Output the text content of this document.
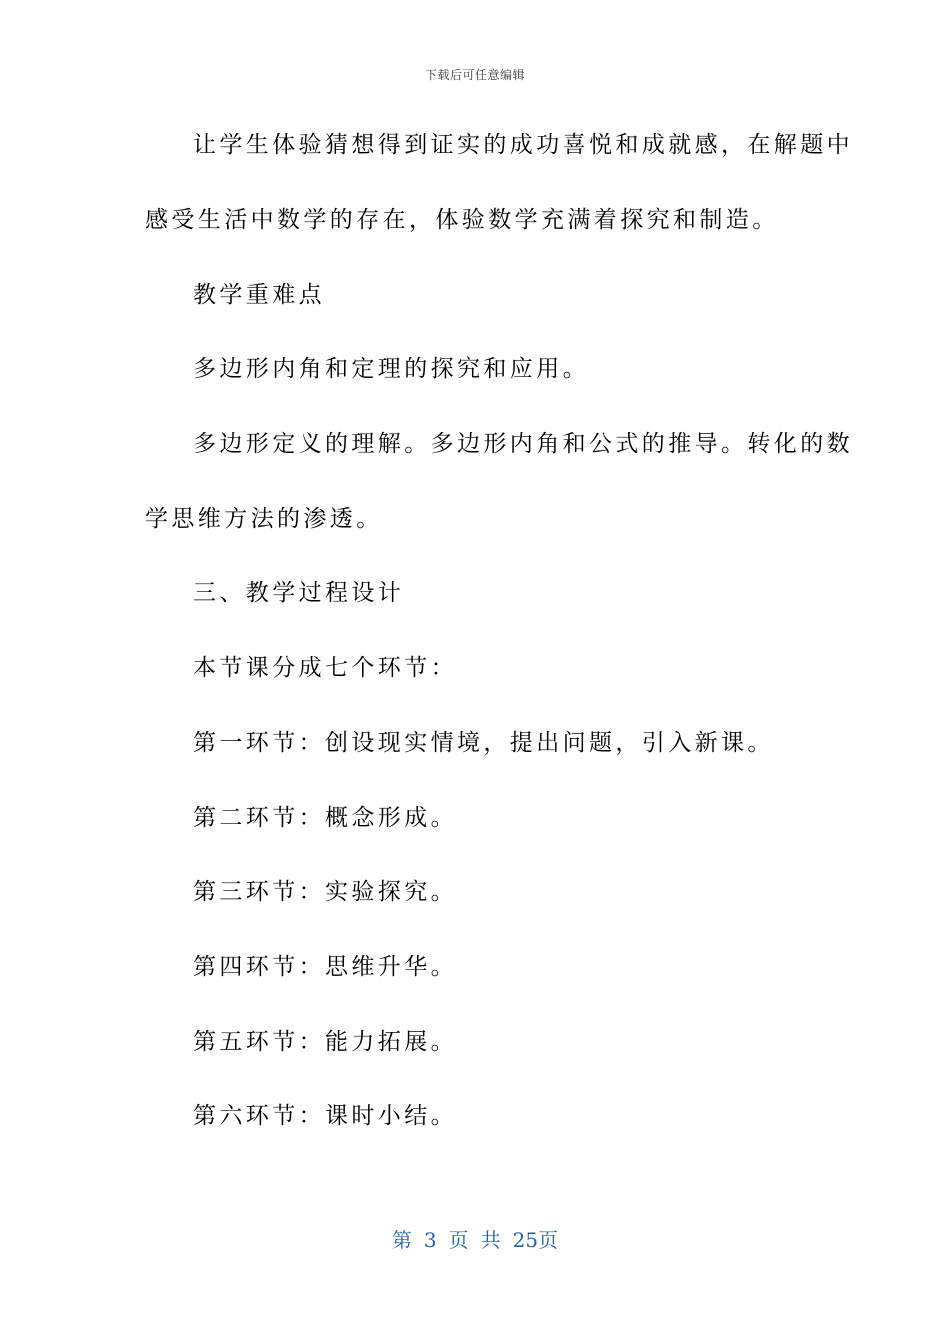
下载后可任意编辑
让学生体验猜想得到证实的成功喜悦和成就感，在解题中
感受生活中数学的存在，体验数学充满着探究和制造。
教学重难点
多边形内角和定理的探究和应用。
多边形定义的理解。多边形内角和公式的推导。转化的数
学思维方法的渗透。
三、教学过程设计
本节课分成七个环节：
第一环节：创设现实情境，提出问题，引入新课。
第二环节：概念形成。
第三环节：实验探究。
第四环节：思维升华。
第五环节：能力拓展。
第六环节：课时小结。
第 3 页 共 25页
